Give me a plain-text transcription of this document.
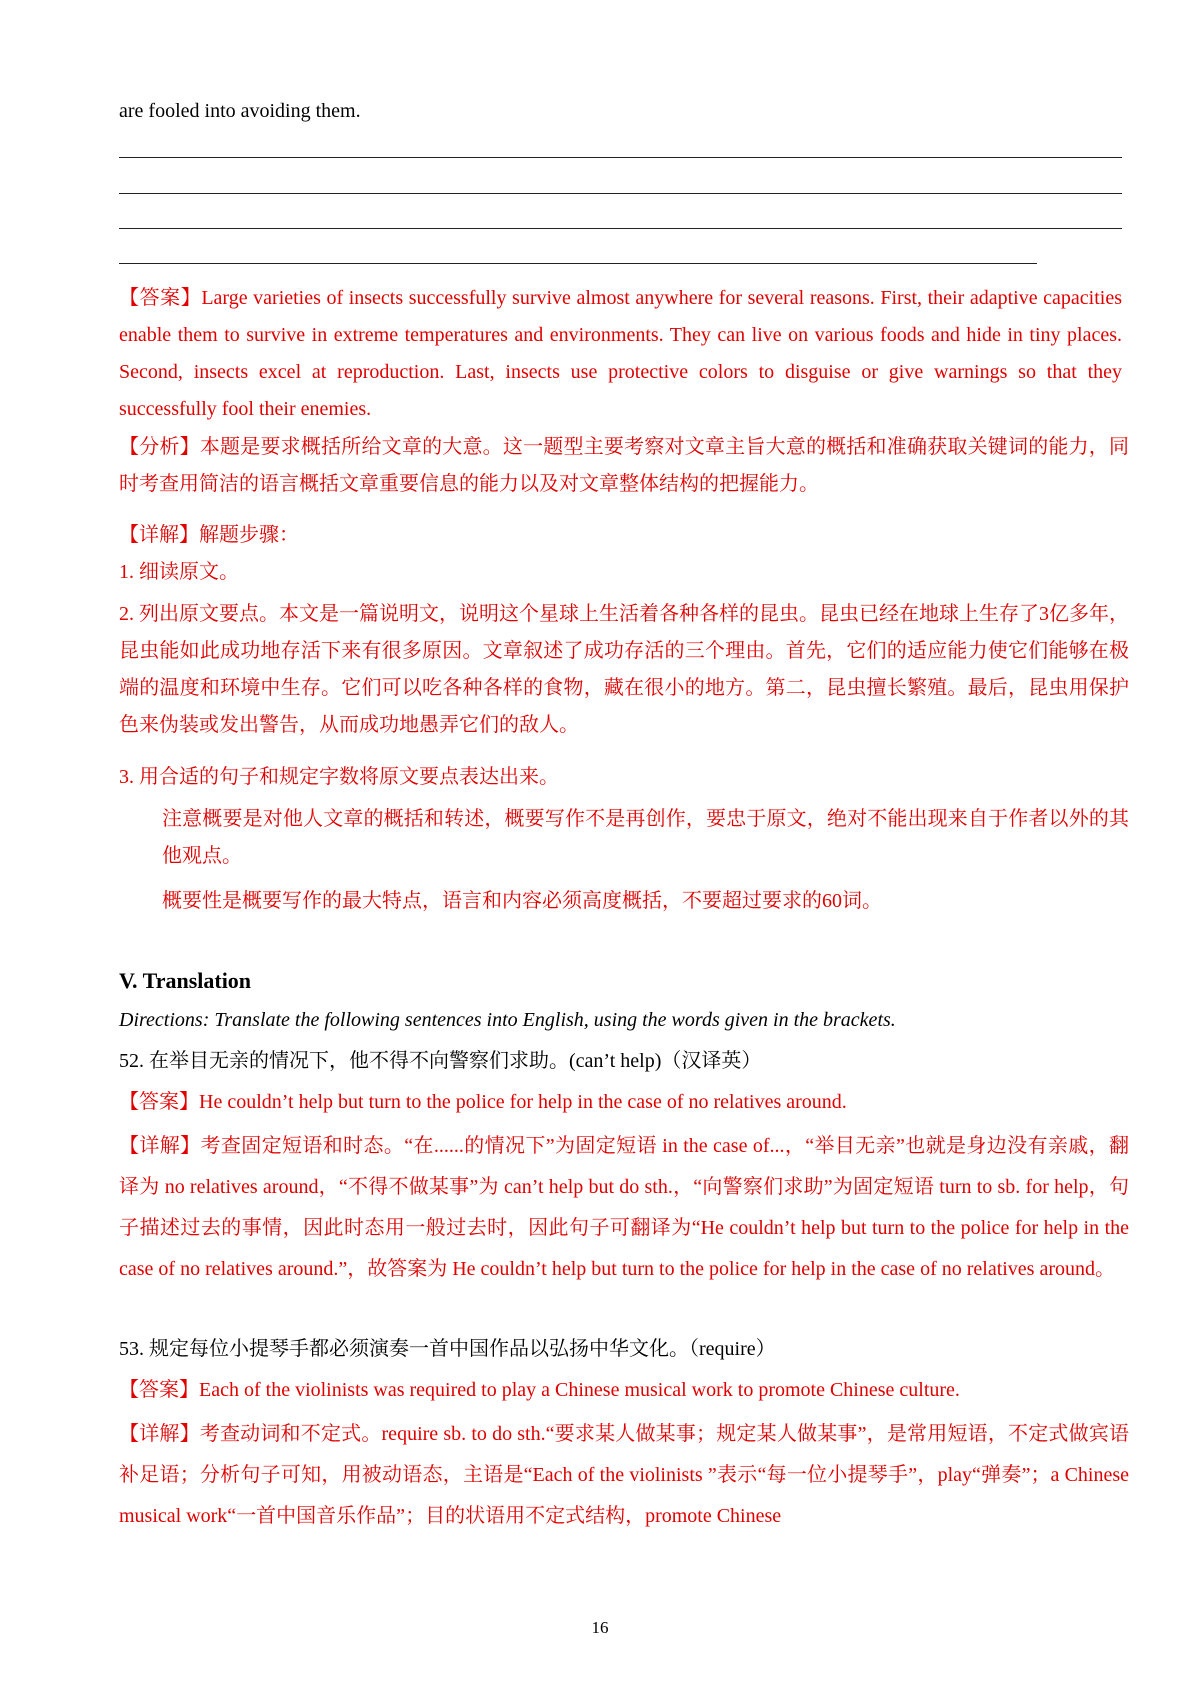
are fooled into avoiding them.
【答案】Large varieties of insects successfully survive almost anywhere for several reasons. First, their adaptive capacities enable them to survive in extreme temperatures and environments. They can live on various foods and hide in tiny places. Second, insects excel at reproduction. Last, insects use protective colors to disguise or give warnings so that they successfully fool their enemies.
【分析】本题是要求概括所给文章的大意。这一题型主要考察对文章主旨大意的概括和准确获取关键词的能力，同时考查用简洁的语言概括文章重要信息的能力以及对文章整体结构的把握能力。
【详解】解题步骤：
1. 细读原文。
2. 列出原文要点。本文是一篇说明文，说明这个星球上生活着各种各样的昆虫。昆虫已经在地球上生存了3亿多年，昆虫能如此成功地存活下来有很多原因。文章叙述了成功存活的三个理由。首先，它们的适应能力使它们能够在极端的温度和环境中生存。它们可以吃各种各样的食物，藏在很小的地方。第二，昆虫擅长繁殖。最后，昆虫用保护色来伪装或发出警告，从而成功地愚弄它们的敌人。
3. 用合适的句子和规定字数将原文要点表达出来。
注意概要是对他人文章的概括和转述，概要写作不是再创作，要忠于原文，绝对不能出现来自于作者以外的其他观点。
概要性是概要写作的最大特点，语言和内容必须高度概括，不要超过要求的60词。
V. Translation
Directions: Translate the following sentences into English, using the words given in the brackets.
52. 在举目无亲的情况下，他不得不向警察们求助。(can’t help)（汉译英）
【答案】He couldn’t help but turn to the police for help in the case of no relatives around.
【详解】考查固定短语和时态。“在......的情况下”为固定短语 in the case of...，“举目无亲”也就是身边没有亲戚，翻译为 no relatives around，“不得不做某事”为 can’t help but do sth.，“向警察们求助”为固定短语 turn to sb. for help，句子描述过去的事情，因此时态用一般过去时，因此句子可翻译为“He couldn’t help but turn to the police for help in the case of no relatives around.”，故答案为 He couldn’t help but turn to the police for help in the case of no relatives around。
53. 规定每位小提琴手都必须演奏一首中国作品以弘扬中华文化。（require）
【答案】Each of the violinists was required to play a Chinese musical work to promote Chinese culture.
【详解】考查动词和不定式。require sb. to do sth.“要求某人做某事；规定某人做某事”，是常用短语，不定式做宾语补足语；分析句子可知，用被动语态，主语是“Each of the violinists ”表示“每一位小提琴手”，play“弹奏”；a Chinese musical work“一首中国音乐作品”；目的状语用不定式结构，promote Chinese
16
